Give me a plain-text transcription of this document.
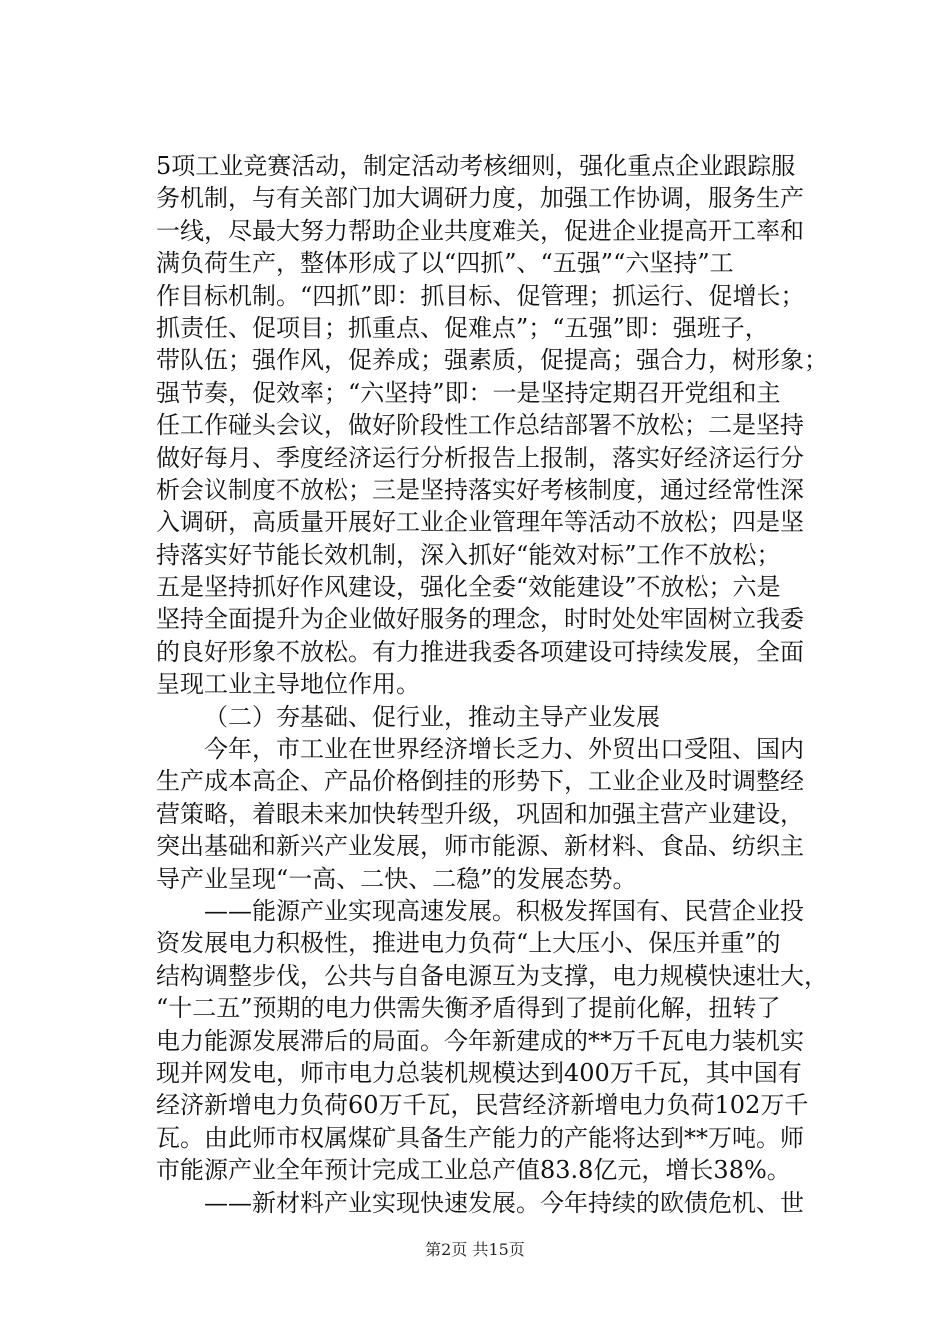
5项工业竞赛活动，制定活动考核细则，强化重点企业跟踪服
务机制，与有关部门加大调研力度，加强工作协调，服务生产
一线，尽最大努力帮助企业共度难关，促进企业提高开工率和
满负荷生产，整体形成了以“四抓”、“五强”“六坚持”工
作目标机制。“四抓”即：抓目标、促管理；抓运行、促增长；
抓责任、促项目；抓重点、促难点”；“五强”即：强班子，
带队伍；强作风，促养成；强素质，促提高；强合力，树形象；
强节奏，促效率；“六坚持”即：一是坚持定期召开党组和主
任工作碰头会议，做好阶段性工作总结部署不放松；二是坚持
做好每月、季度经济运行分析报告上报制，落实好经济运行分
析会议制度不放松；三是坚持落实好考核制度，通过经常性深
入调研，高质量开展好工业企业管理年等活动不放松；四是坚
持落实好节能长效机制，深入抓好“能效对标”工作不放松；
五是坚持抓好作风建设，强化全委“效能建设”不放松；六是
坚持全面提升为企业做好服务的理念，时时处处牢固树立我委
的良好形象不放松。有力推进我委各项建设可持续发展，全面
呈现工业主导地位作用。
（二）夯基础、促行业，推动主导产业发展
今年，市工业在世界经济增长乏力、外贸出口受阻、国内
生产成本高企、产品价格倒挂的形势下，工业企业及时调整经
营策略，着眼未来加快转型升级，巩固和加强主营产业建设，
突出基础和新兴产业发展，师市能源、新材料、食品、纺织主
导产业呈现“一高、二快、二稳”的发展态势。
——能源产业实现高速发展。积极发挥国有、民营企业投
资发展电力积极性，推进电力负荷“上大压小、保压并重”的
结构调整步伐，公共与自备电源互为支撑，电力规模快速壮大，
“十二五”预期的电力供需失衡矛盾得到了提前化解，扭转了
电力能源发展滞后的局面。今年新建成的**万千瓦电力装机实
现并网发电，师市电力总装机规模达到400万千瓦，其中国有
经济新增电力负荷60万千瓦，民营经济新增电力负荷102万千
瓦。由此师市权属煤矿具备生产能力的产能将达到**万吨。师
市能源产业全年预计完成工业总产值83.8亿元，增长38%。
——新材料产业实现快速发展。今年持续的欧债危机、世
第2页 共15页
